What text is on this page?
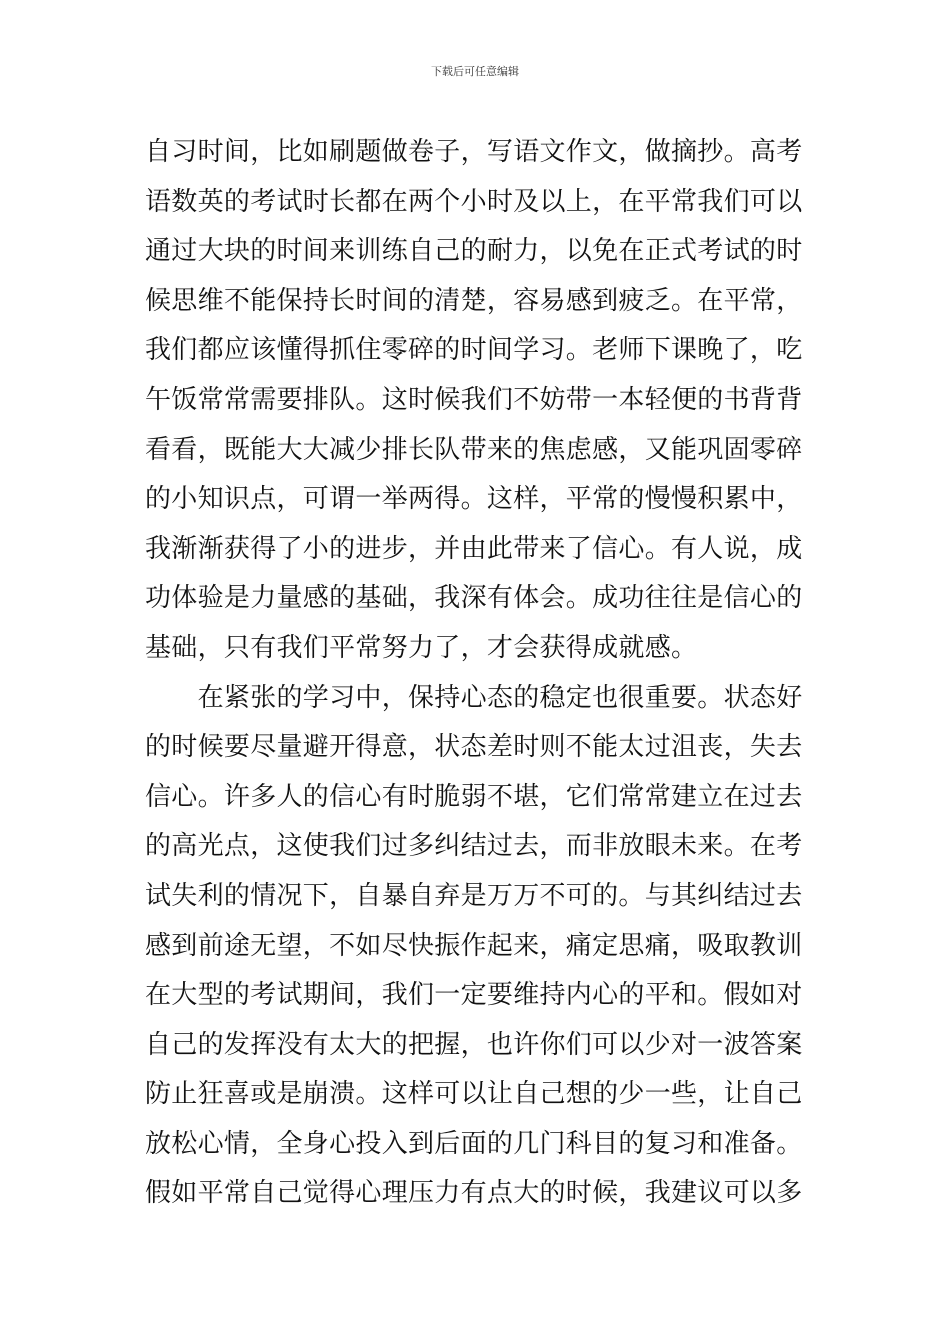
下载后可任意编辑
自习时间，比如刷题做卷子，写语文作文，做摘抄。高考
语数英的考试时长都在两个小时及以上，在平常我们可以
通过大块的时间来训练自己的耐力，以免在正式考试的时
候思维不能保持长时间的清楚，容易感到疲乏。在平常，
我们都应该懂得抓住零碎的时间学习。老师下课晚了，吃
午饭常常需要排队。这时候我们不妨带一本轻便的书背背
看看，既能大大减少排长队带来的焦虑感，又能巩固零碎
的小知识点，可谓一举两得。这样，平常的慢慢积累中，
我渐渐获得了小的进步，并由此带来了信心。有人说，成
功体验是力量感的基础，我深有体会。成功往往是信心的
基础，只有我们平常努力了，才会获得成就感。
　　在紧张的学习中，保持心态的稳定也很重要。状态好
的时候要尽量避开得意，状态差时则不能太过沮丧，失去
信心。许多人的信心有时脆弱不堪，它们常常建立在过去
的高光点，这使我们过多纠结过去，而非放眼未来。在考
试失利的情况下，自暴自弃是万万不可的。与其纠结过去
感到前途无望，不如尽快振作起来，痛定思痛，吸取教训
在大型的考试期间，我们一定要维持内心的平和。假如对
自己的发挥没有太大的把握，也许你们可以少对一波答案
防止狂喜或是崩溃。这样可以让自己想的少一些，让自己
放松心情，全身心投入到后面的几门科目的复习和准备。
假如平常自己觉得心理压力有点大的时候，我建议可以多
